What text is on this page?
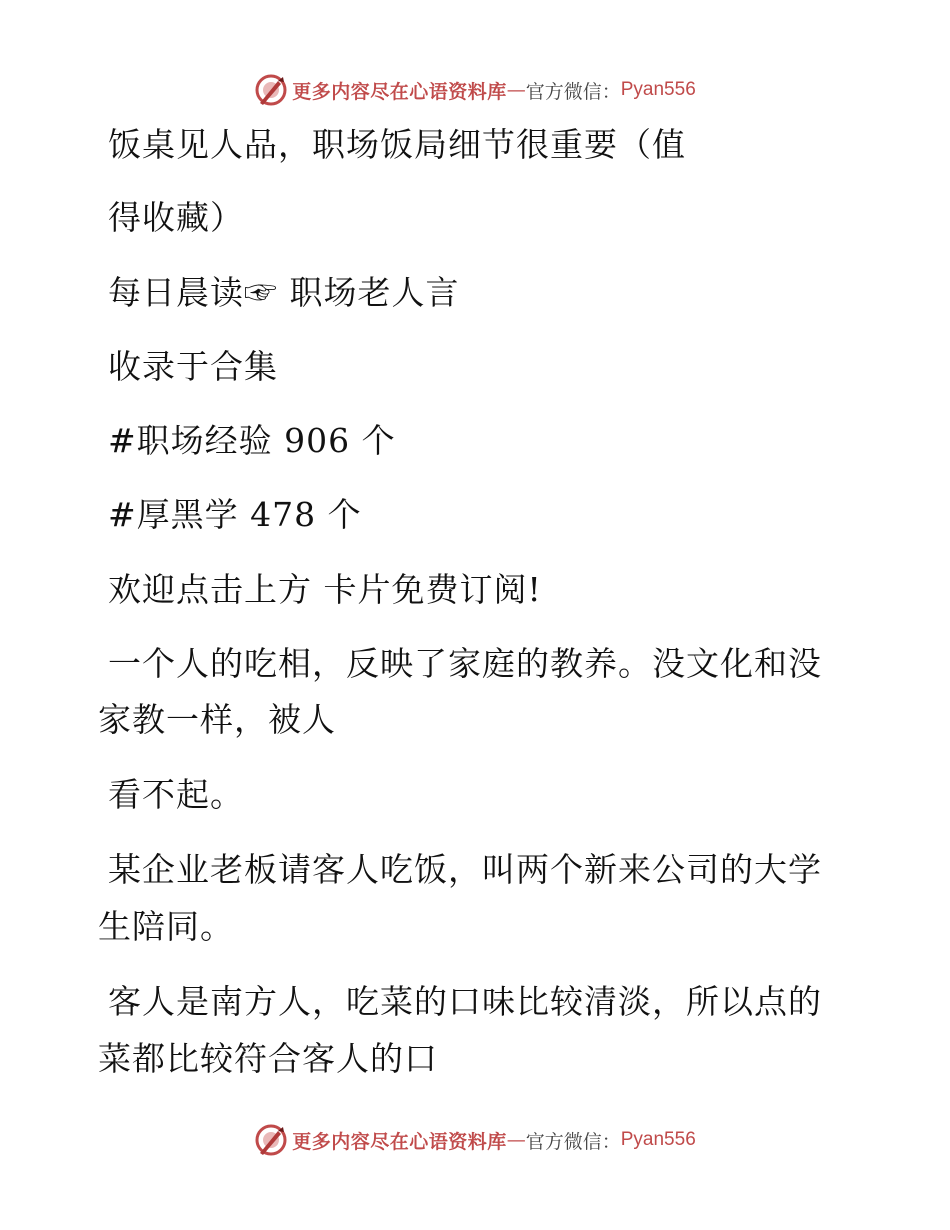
更多内容尽在心语资料库 — 官方微信： Pyan556

饭桌见人品，职场饭局细节很重要（值

得收藏）

每日晨读☞ 职场老人言

收录于合集

#职场经验 906 个

#厚黑学 478 个

欢迎点击上方 卡片免费订阅!

一个人的吃相，反映了家庭的教养。没文化和没

家教一样，被人

看不起。

某企业老板请客人吃饭，叫两个新来公司的大学

生陪同。

客人是南方人，吃菜的口味比较清淡，所以点的

菜都比较符合客人的口

更多内容尽在心语资料库 — 官方微信： Pyan556
